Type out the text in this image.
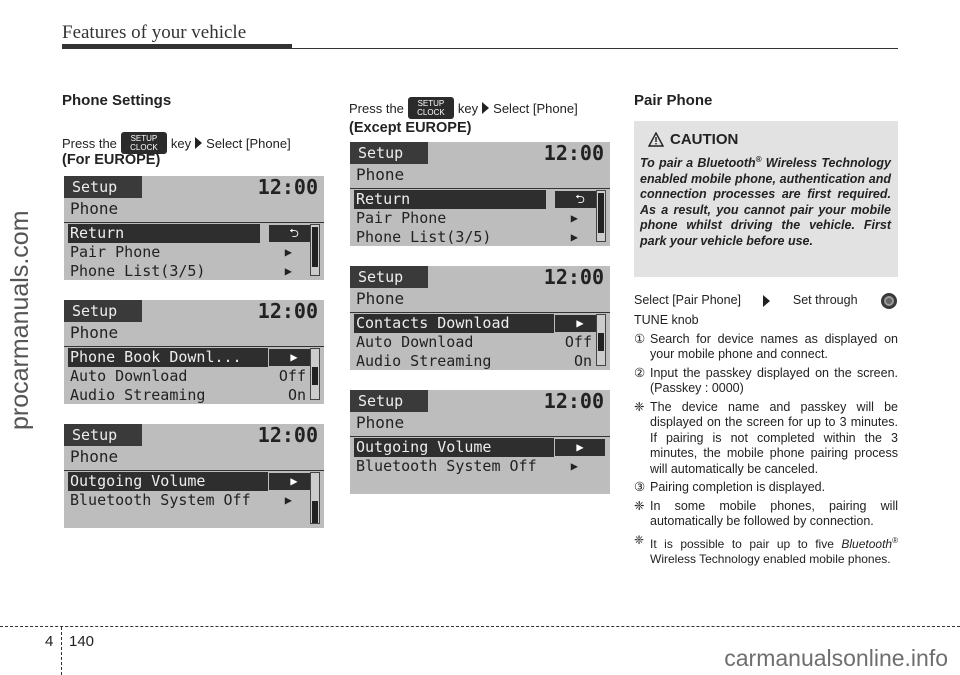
Features of your vehicle
procarmanuals.com
carmanualsonline.info
Phone Settings
Press the SETUP
CLOCK key Select [Phone]
(For EUROPE)
Setup	12:00
Phone
Return	⮌
Pair Phone	▶
Phone List(3/5)	▶
Setup	12:00
Phone
Phone Book Downl...	▶
Auto Download	Off
Audio Streaming	On
Setup	12:00
Phone
Outgoing Volume	▶
Bluetooth System Off	▶
Press the SETUP
CLOCK key Select [Phone]
(Except EUROPE)
Setup	12:00
Phone
Return	⮌
Pair Phone	▶
Phone List(3/5)	▶
Setup	12:00
Phone
Contacts Download	▶
Auto Download	Off
Audio Streaming	On
Setup	12:00
Phone
Outgoing Volume	▶
Bluetooth System Off	▶
Pair Phone
CAUTION
To pair a Bluetooth® Wireless Technology enabled mobile phone, authentication and connection processes are first required. As a result, you cannot pair your mobile phone whilst driving the vehicle. First park your vehicle before use.
Select [Pair Phone]	Set through
TUNE knob
① Search for device names as displayed on your mobile phone and connect.
② Input the passkey displayed on the screen. (Passkey : 0000)
❈ The device name and passkey will be displayed on the screen for up to 3 minutes. If pairing is not completed within the 3 minutes, the mobile phone pairing process will automatically be canceled.
③ Pairing completion is displayed.
❈ In some mobile phones, pairing will automatically be followed by connection.
❈ It is possible to pair up to five Bluetooth® Wireless Technology enabled mobile phones.
4 140
